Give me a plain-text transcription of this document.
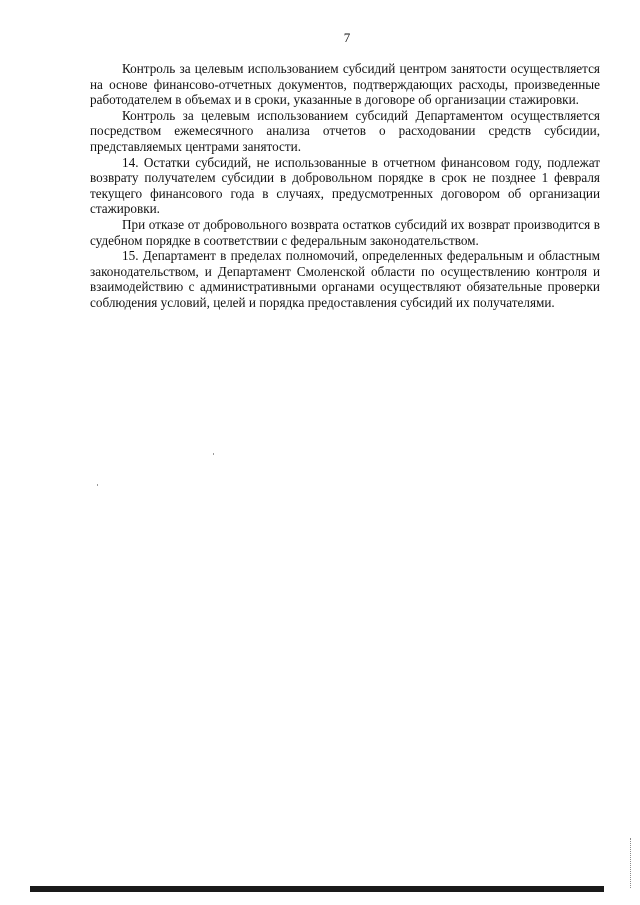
7

Контроль за целевым использованием субсидий центром занятости осуществляется на основе финансово-отчетных документов, подтверждающих расходы, произведенные работодателем в объемах и в сроки, указанные в договоре об организации стажировки.

Контроль за целевым использованием субсидий Департаментом осуществляется посредством ежемесячного анализа отчетов о расходовании средств субсидии, представляемых центрами занятости.

14. Остатки субсидий, не использованные в отчетном финансовом году, подлежат возврату получателем субсидии в добровольном порядке в срок не позднее 1 февраля текущего финансового года в случаях, предусмотренных договором об организации стажировки.

При отказе от добровольного возврата остатков субсидий их возврат производится в судебном порядке в соответствии с федеральным законодательством.

15. Департамент в пределах полномочий, определенных федеральным и областным законодательством, и Департамент Смоленской области по осуществлению контроля и взаимодействию с административными органами осуществляют обязательные проверки соблюдения условий, целей и порядка предоставления субсидий их получателями.
